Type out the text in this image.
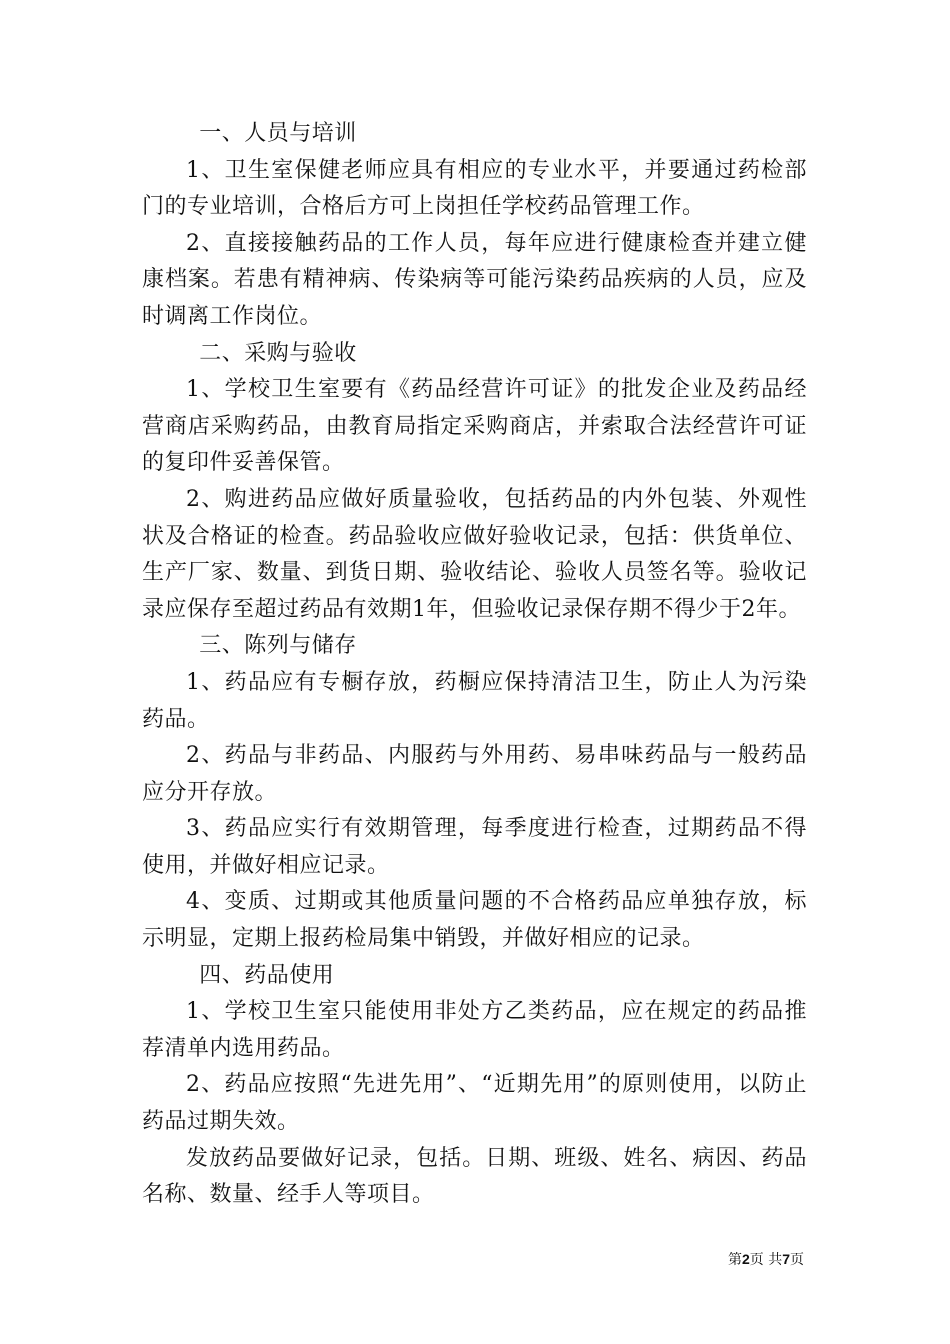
一、人员与培训

1、卫生室保健老师应具有相应的专业水平，并要通过药检部门的专业培训，合格后方可上岗担任学校药品管理工作。

2、直接接触药品的工作人员，每年应进行健康检查并建立健康档案。若患有精神病、传染病等可能污染药品疾病的人员，应及时调离工作岗位。

二、采购与验收

1、学校卫生室要有《药品经营许可证》的批发企业及药品经营商店采购药品，由教育局指定采购商店，并索取合法经营许可证的复印件妥善保管。

2、购进药品应做好质量验收，包括药品的内外包装、外观性状及合格证的检查。药品验收应做好验收记录，包括：供货单位、生产厂家、数量、到货日期、验收结论、验收人员签名等。验收记录应保存至超过药品有效期1年，但验收记录保存期不得少于2年。

三、陈列与储存

1、药品应有专橱存放，药橱应保持清洁卫生，防止人为污染药品。

2、药品与非药品、内服药与外用药、易串味药品与一般药品应分开存放。

3、药品应实行有效期管理，每季度进行检查，过期药品不得使用，并做好相应记录。

4、变质、过期或其他质量问题的不合格药品应单独存放，标示明显，定期上报药检局集中销毁，并做好相应的记录。

四、药品使用

1、学校卫生室只能使用非处方乙类药品，应在规定的药品推荐清单内选用药品。

2、药品应按照“先进先用”、“近期先用”的原则使用，以防止药品过期失效。

发放药品要做好记录，包括。日期、班级、姓名、病因、药品名称、数量、经手人等项目。

第2页 共7页
